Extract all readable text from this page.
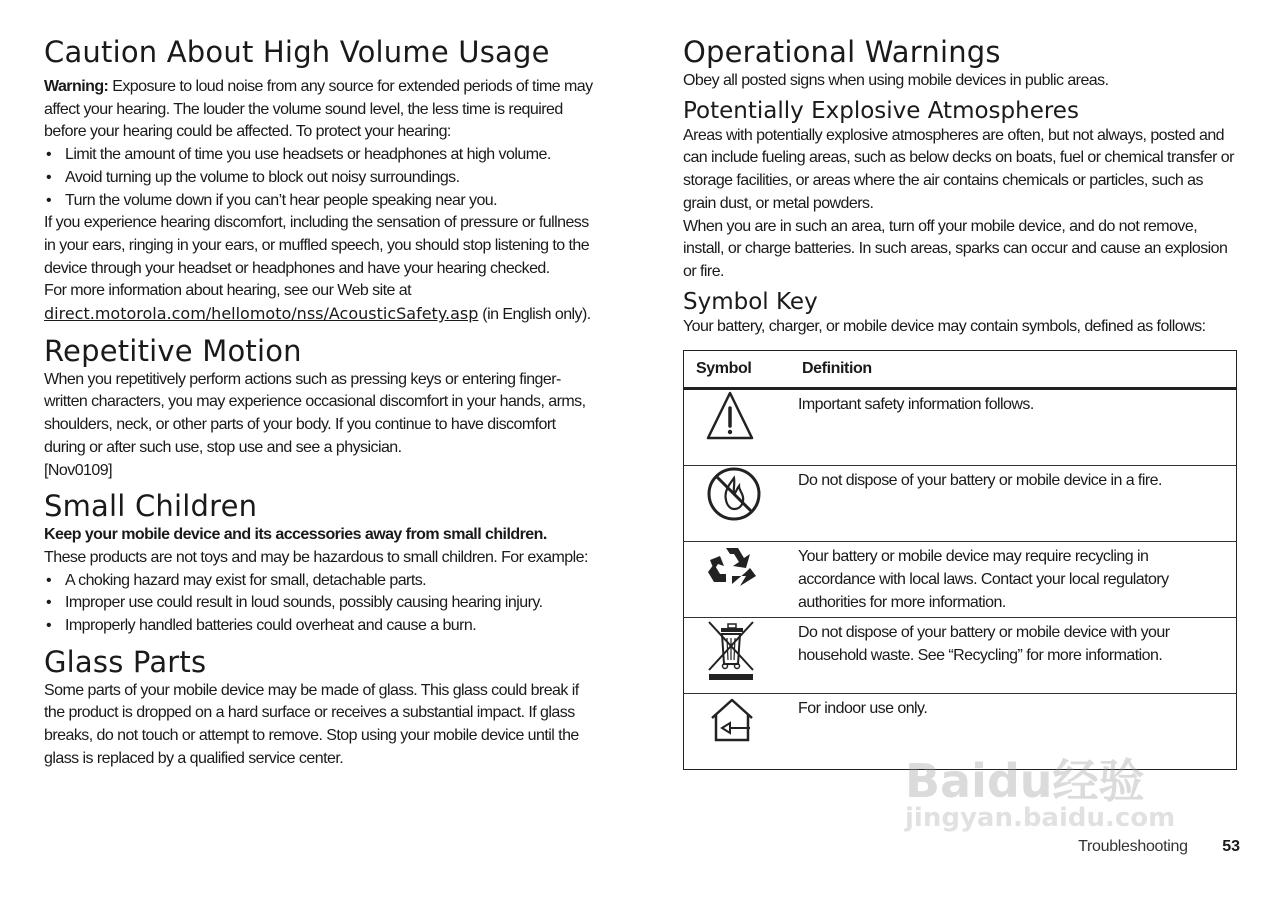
Caution About High Volume Usage

Warning: Exposure to loud noise from any source for extended periods of time may affect your hearing. The louder the volume sound level, the less time is required before your hearing could be affected. To protect your hearing:

• Limit the amount of time you use headsets or headphones at high volume.
• Avoid turning up the volume to block out noisy surroundings.
• Turn the volume down if you can’t hear people speaking near you.

If you experience hearing discomfort, including the sensation of pressure or fullness in your ears, ringing in your ears, or muffled speech, you should stop listening to the device through your headset or headphones and have your hearing checked.

For more information about hearing, see our Web site at
direct.motorola.com/hellomoto/nss/AcousticSafety.asp (in English only).

Repetitive Motion

When you repetitively perform actions such as pressing keys or entering finger-written characters, you may experience occasional discomfort in your hands, arms, shoulders, neck, or other parts of your body. If you continue to have discomfort during or after such use, stop use and see a physician.

[Nov0109]

Small Children

Keep your mobile device and its accessories away from small children.

These products are not toys and may be hazardous to small children. For example:

• A choking hazard may exist for small, detachable parts.
• Improper use could result in loud sounds, possibly causing hearing injury.
• Improperly handled batteries could overheat and cause a burn.
Glass Parts

Some parts of your mobile device may be made of glass. This glass could break if the product is dropped on a hard surface or receives a substantial impact. If glass breaks, do not touch or attempt to remove. Stop using your mobile device until the glass is replaced by a qualified service center.

Operational Warnings

Obey all posted signs when using mobile devices in public areas.

Potentially Explosive Atmospheres

Areas with potentially explosive atmospheres are often, but not always, posted and can include fueling areas, such as below decks on boats, fuel or chemical transfer or storage facilities, or areas where the air contains chemicals or particles, such as grain dust, or metal powders.

When you are in such an area, turn off your mobile device, and do not remove, install, or charge batteries. In such areas, sparks can occur and cause an explosion or fire.

Symbol Key

Your battery, charger, or mobile device may contain symbols, defined as follows:

Symbol	Definition

	Important safety information follows.

	Do not dispose of your battery or mobile device in a fire.

	Your battery or mobile device may require recycling in accordance with local laws. Contact your local regulatory authorities for more information.

	Do not dispose of your battery or mobile device with your household waste. See “Recycling” for more information.

	For indoor use only.
Baidu经验
jingyan.baidu.com
Troubleshooting 53
